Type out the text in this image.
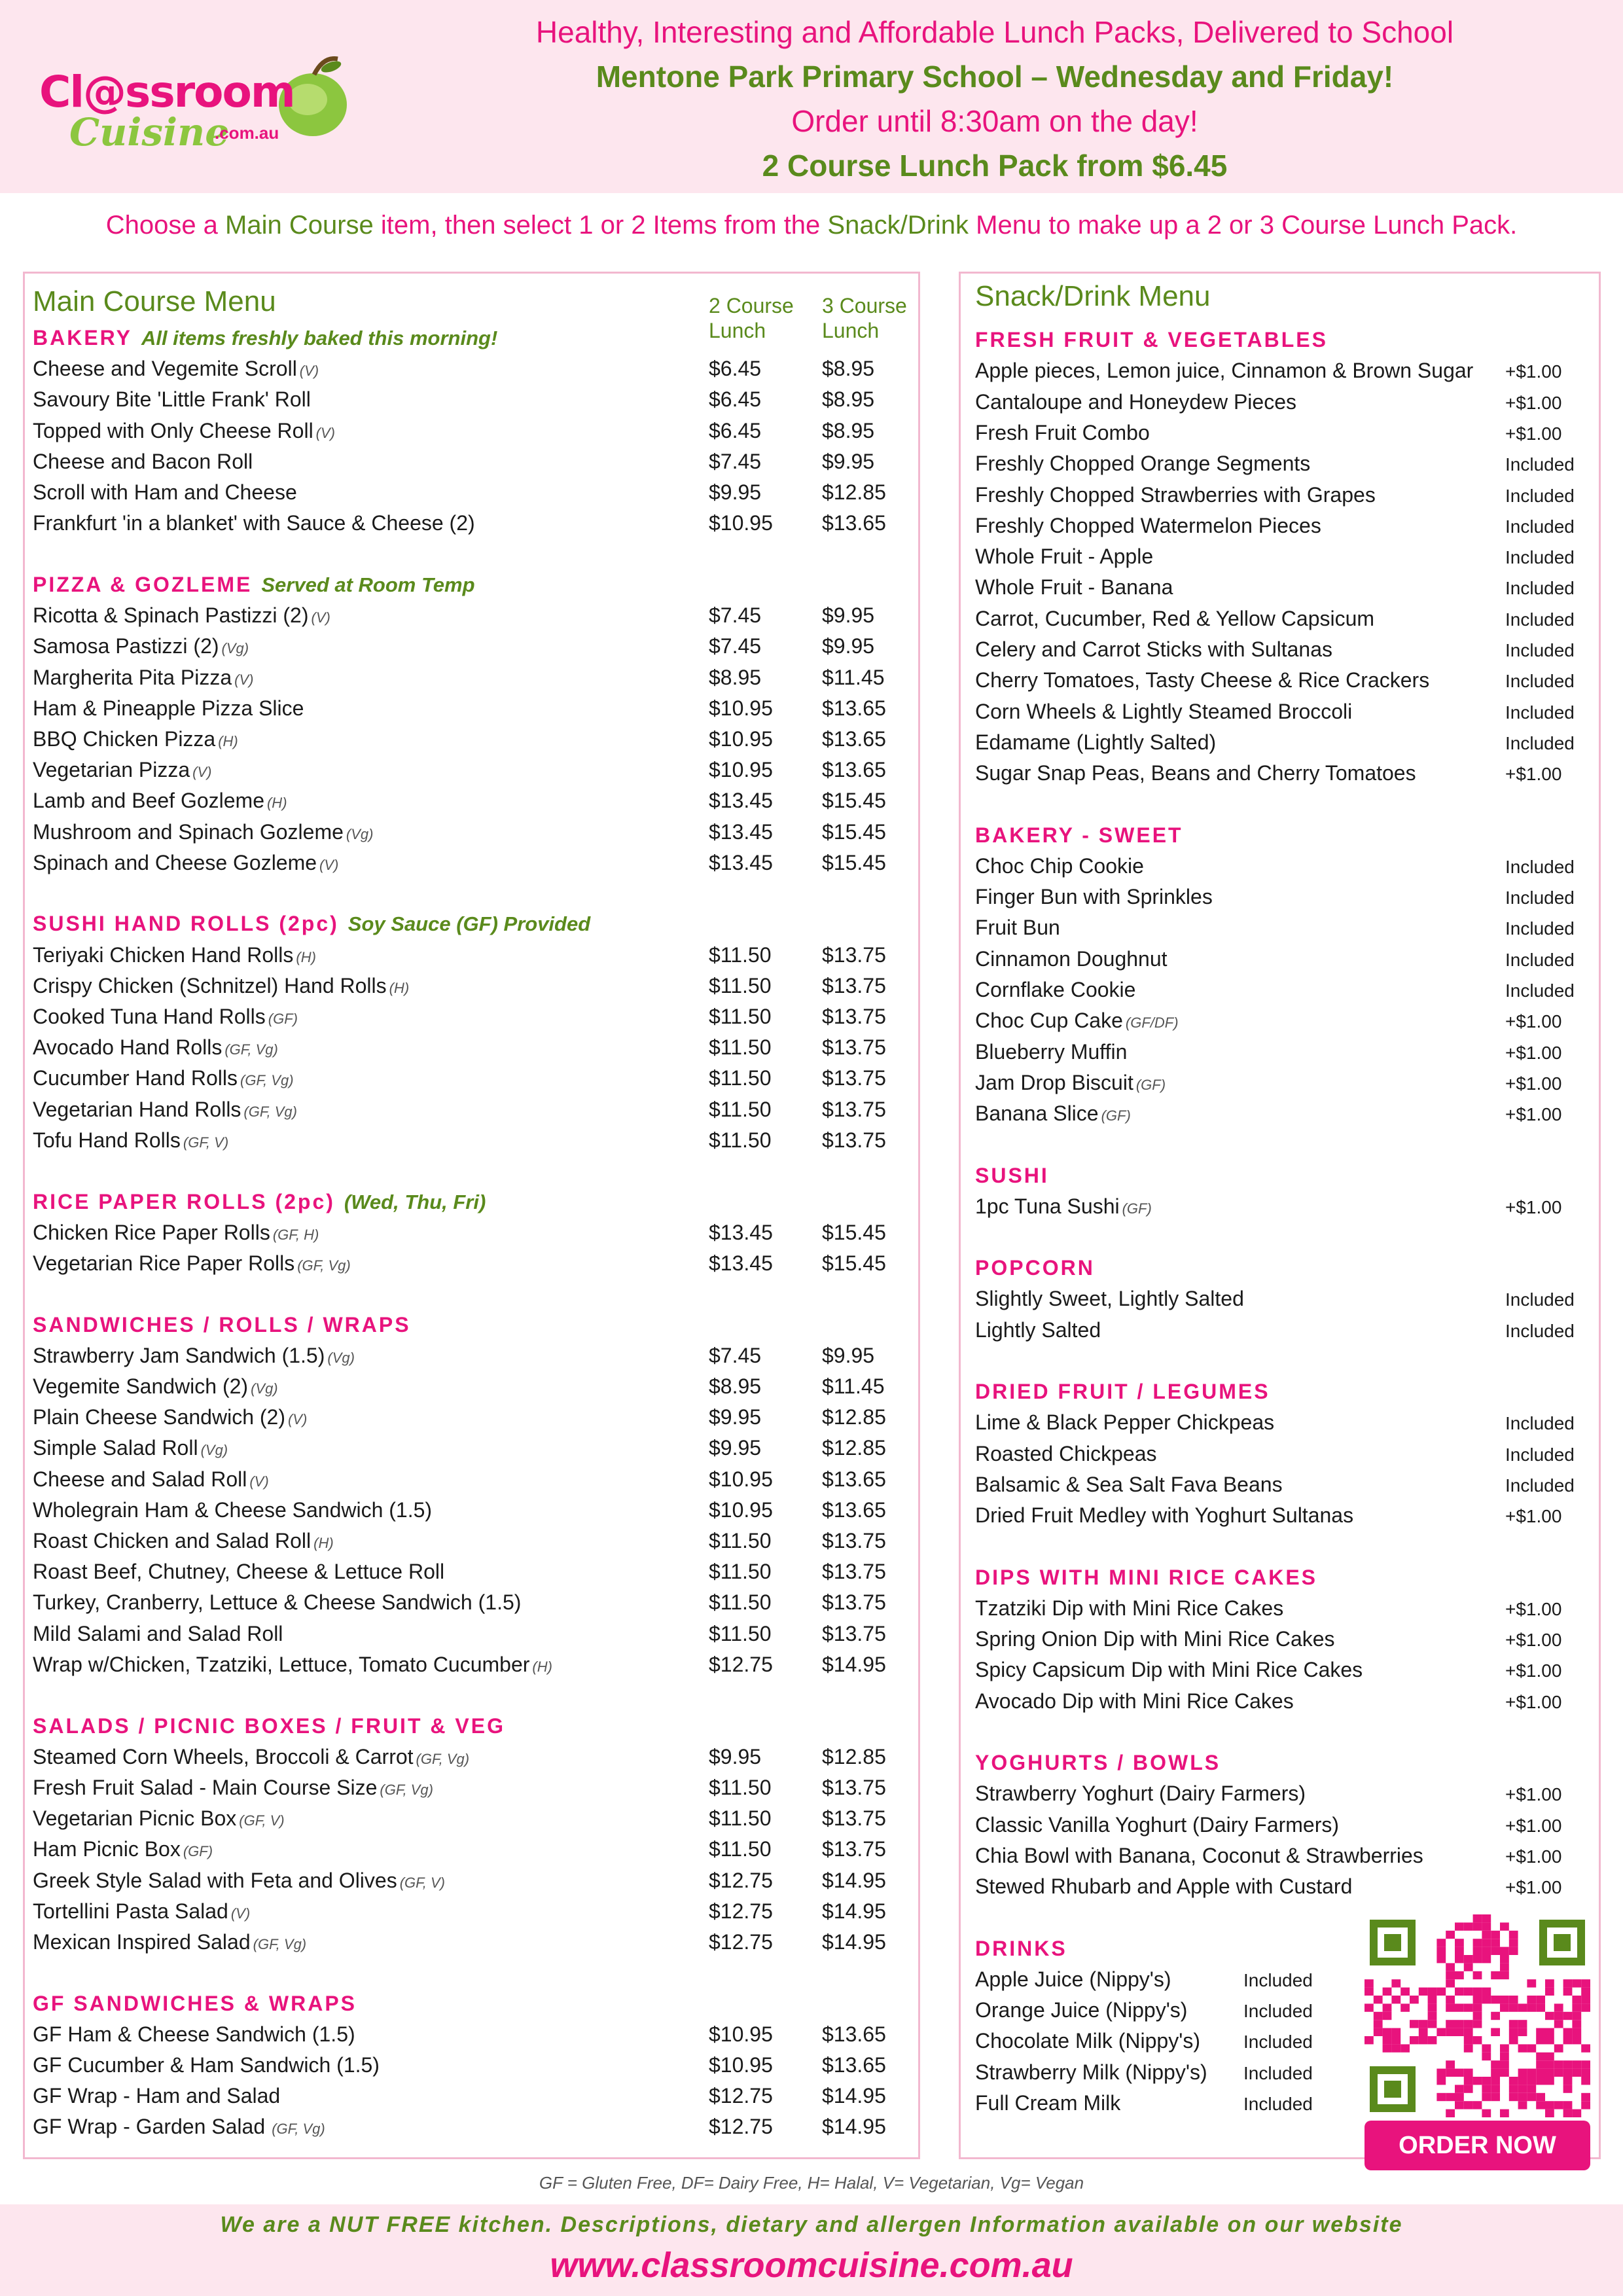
Cl@ssroom
Cuisine
.com.au
Healthy, Interesting and Affordable Lunch Packs, Delivered to School
Mentone Park Primary School – Wednesday and Friday!
Order until 8:30am on the day!
2 Course Lunch Pack from $6.45
Choose a Main Course item, then select 1 or 2 Items from the Snack/Drink Menu to make up a 2 or 3 Course Lunch Pack.
Main Course Menu	2 Course
Lunch
3 Course
Lunch
BAKERY All items freshly baked this morning!
Cheese and Vegemite Scroll (V)	$6.45	$8.95
Savoury Bite 'Little Frank' Roll	$6.45	$8.95
Topped with Only Cheese Roll (V)	$6.45	$8.95
Cheese and Bacon Roll	$7.45	$9.95
Scroll with Ham and Cheese	$9.95	$12.85
Frankfurt 'in a blanket' with Sauce & Cheese (2)	$10.95 $13.65
PIZZA & GOZLEME Served at Room Temp
Ricotta & Spinach Pastizzi (2) (V)	$7.45	$9.95
Samosa Pastizzi (2) (Vg)	$7.45	$9.95
Margherita Pita Pizza (V)	$8.95	$11.45
Ham & Pineapple Pizza Slice	$10.95 $13.65
BBQ Chicken Pizza (H)	$10.95 $13.65
Vegetarian Pizza (V)	$10.95 $13.65
Lamb and Beef Gozleme (H)	$13.45 $15.45
Mushroom and Spinach Gozleme (Vg)	$13.45 $15.45
Spinach and Cheese Gozleme (V)	$13.45 $15.45
SUSHI HAND ROLLS (2pc) Soy Sauce (GF) Provided
Teriyaki Chicken Hand Rolls (H)	$11.50 $13.75
Crispy Chicken (Schnitzel) Hand Rolls (H)	$11.50 $13.75
Cooked Tuna Hand Rolls (GF)	$11.50 $13.75
Avocado Hand Rolls (GF, Vg)	$11.50 $13.75
Cucumber Hand Rolls (GF, Vg)	$11.50 $13.75
Vegetarian Hand Rolls (GF, Vg)	$11.50 $13.75
Tofu Hand Rolls (GF, V)	$11.50 $13.75
RICE PAPER ROLLS (2pc) (Wed, Thu, Fri)
Chicken Rice Paper Rolls (GF, H)	$13.45 $15.45
Vegetarian Rice Paper Rolls (GF, Vg)	$13.45 $15.45
SANDWICHES / ROLLS / WRAPS
Strawberry Jam Sandwich (1.5) (Vg)	$7.45	$9.95
Vegemite Sandwich (2) (Vg)	$8.95	$11.45
Plain Cheese Sandwich (2) (V)	$9.95	$12.85
Simple Salad Roll (Vg)	$9.95	$12.85
Cheese and Salad Roll (V)	$10.95 $13.65
Wholegrain Ham & Cheese Sandwich (1.5)	$10.95 $13.65
Roast Chicken and Salad Roll (H)	$11.50 $13.75
Roast Beef, Chutney, Cheese & Lettuce Roll	$11.50 $13.75
Turkey, Cranberry, Lettuce & Cheese Sandwich (1.5)	$11.50 $13.75
Mild Salami and Salad Roll	$11.50 $13.75
Wrap w/Chicken, Tzatziki, Lettuce, Tomato Cucumber (H)	$12.75 $14.95
SALADS / PICNIC BOXES / FRUIT & VEG
Steamed Corn Wheels, Broccoli & Carrot (GF, Vg)	$9.95	$12.85
Fresh Fruit Salad - Main Course Size (GF, Vg)	$11.50 $13.75
Vegetarian Picnic Box (GF, V)	$11.50 $13.75
Ham Picnic Box (GF)	$11.50 $13.75
Greek Style Salad with Feta and Olives (GF, V)	$12.75 $14.95
Tortellini Pasta Salad (V)	$12.75 $14.95
Mexican Inspired Salad (GF, Vg)	$12.75 $14.95
GF SANDWICHES & WRAPS
GF Ham & Cheese Sandwich (1.5)	$10.95 $13.65
GF Cucumber & Ham Sandwich (1.5)	$10.95 $13.65
GF Wrap - Ham and Salad	$12.75 $14.95
GF Wrap - Garden Salad (GF, Vg)	$12.75 $14.95
Snack/Drink Menu
FRESH FRUIT & VEGETABLES
Apple pieces, Lemon juice, Cinnamon & Brown Sugar +$1.00
Cantaloupe and Honeydew Pieces	+$1.00
Fresh Fruit Combo	+$1.00
Freshly Chopped Orange Segments	Included
Freshly Chopped Strawberries with Grapes	Included
Freshly Chopped Watermelon Pieces	Included
Whole Fruit - Apple	Included
Whole Fruit - Banana	Included
Carrot, Cucumber, Red & Yellow Capsicum	Included
Celery and Carrot Sticks with Sultanas	Included
Cherry Tomatoes, Tasty Cheese & Rice Crackers	Included
Corn Wheels & Lightly Steamed Broccoli	Included
Edamame (Lightly Salted)	Included
Sugar Snap Peas, Beans and Cherry Tomatoes	+$1.00
BAKERY - SWEET
Choc Chip Cookie	Included
Finger Bun with Sprinkles	Included
Fruit Bun	Included
Cinnamon Doughnut	Included
Cornflake Cookie	Included
Choc Cup Cake (GF/DF)	+$1.00
Blueberry Muffin	+$1.00
Jam Drop Biscuit (GF)	+$1.00
Banana Slice (GF)	+$1.00
SUSHI
1pc Tuna Sushi (GF)	+$1.00
POPCORN
Slightly Sweet, Lightly Salted	Included
Lightly Salted	Included
DRIED FRUIT / LEGUMES
Lime & Black Pepper Chickpeas	Included
Roasted Chickpeas	Included
Balsamic & Sea Salt Fava Beans	Included
Dried Fruit Medley with Yoghurt Sultanas	+$1.00
DIPS WITH MINI RICE CAKES
Tzatziki Dip with Mini Rice Cakes	+$1.00
Spring Onion Dip with Mini Rice Cakes	+$1.00
Spicy Capsicum Dip with Mini Rice Cakes	+$1.00
Avocado Dip with Mini Rice Cakes	+$1.00
YOGHURTS / BOWLS
Strawberry Yoghurt (Dairy Farmers)	+$1.00
Classic Vanilla Yoghurt (Dairy Farmers)	+$1.00
Chia Bowl with Banana, Coconut & Strawberries	+$1.00
Stewed Rhubarb and Apple with Custard	+$1.00
DRINKS
Apple Juice (Nippy's)	Included
Orange Juice (Nippy's)	Included
Chocolate Milk (Nippy's) Included
Strawberry Milk (Nippy's) Included
Full Cream Milk	Included
ORDER NOW
GF = Gluten Free, DF= Dairy Free, H= Halal, V= Vegetarian, Vg= Vegan
We are a NUT FREE kitchen. Descriptions, dietary and allergen Information available on our website
www.classroomcuisine.com.au
